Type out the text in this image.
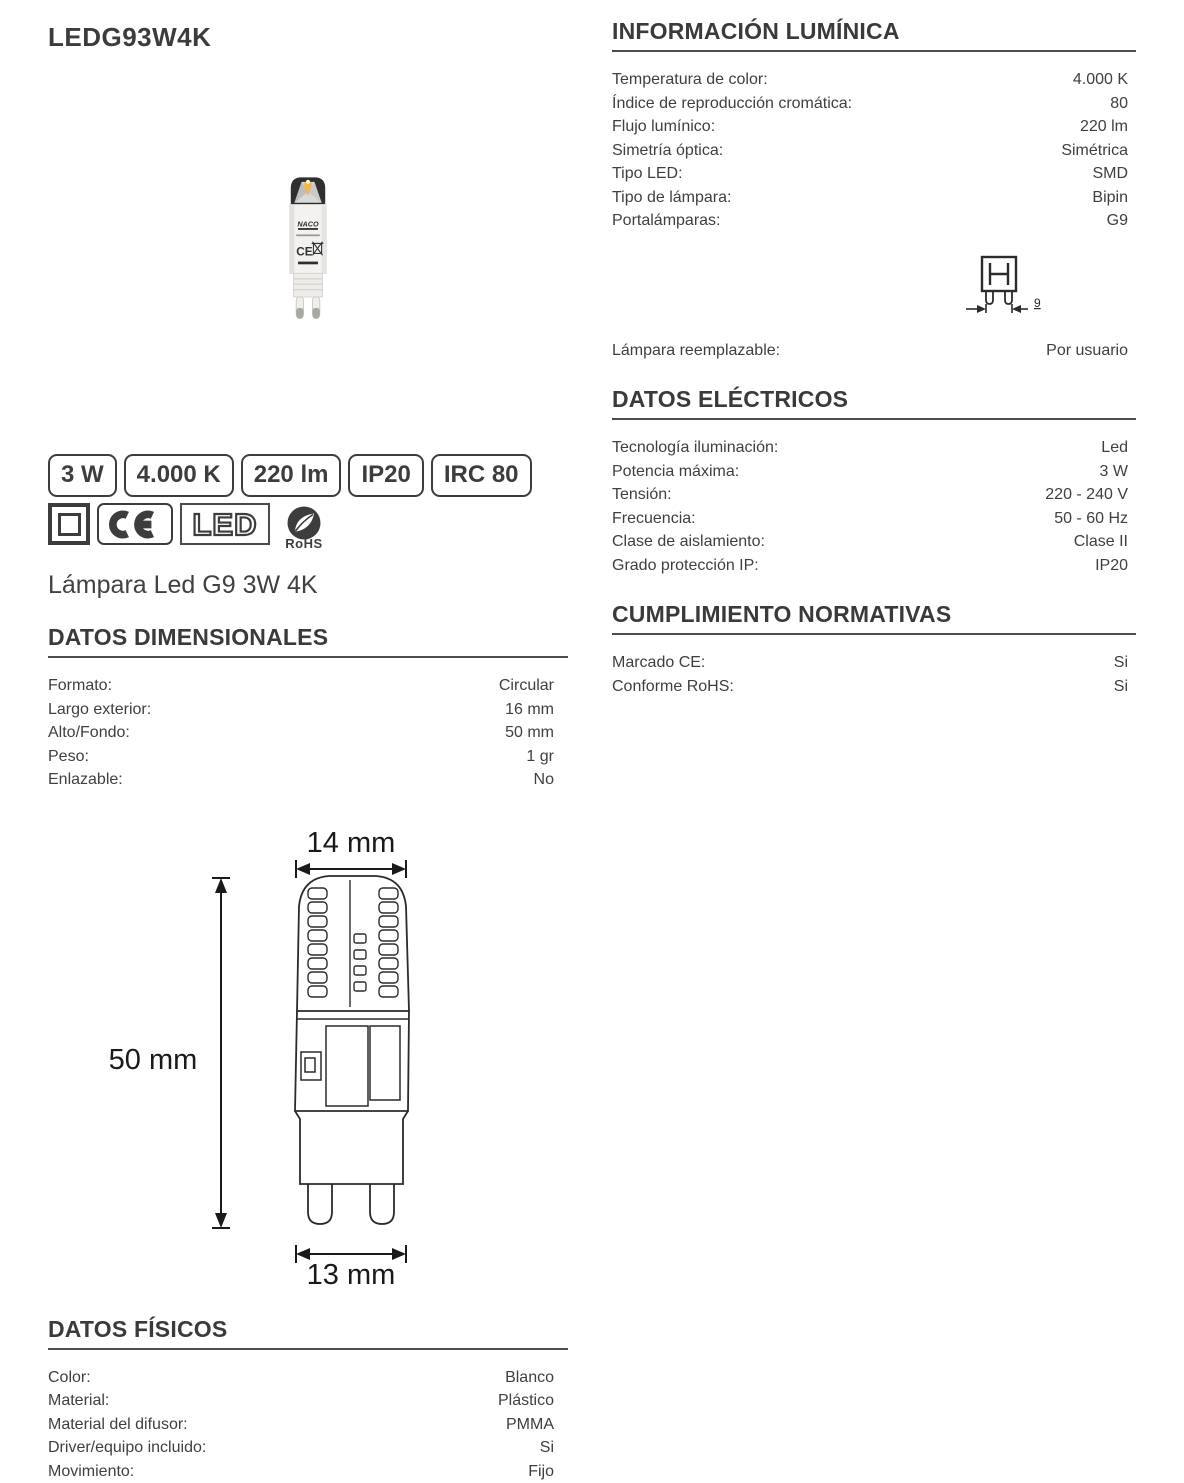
LEDG93W4K
NACO
CE
3 W	4.000 K	220 lm	IP20	IRC 80
LED
RoHS
Lámpara Led G9 3W 4K
DATOS DIMENSIONALES
Formato:	Circular
Largo exterior:	16 mm
Alto/Fondo:	50 mm
Peso:	1 gr
Enlazable:	No
14 mm
50 mm
13 mm
DATOS FÍSICOS
Color:	Blanco
Material:	Plástico
Material del difusor:	PMMA
Driver/equipo incluido:	Si
Movimiento:	Fijo
INFORMACIÓN LUMÍNICA
Temperatura de color:	4.000 K
Índice de reproducción cromática:	80
Flujo lumínico:	220 lm
Simetría óptica:	Simétrica
Tipo LED:	SMD
Tipo de lámpara:	Bipin
Portalámparas:	G9
9
Lámpara reemplazable:	Por usuario
DATOS ELÉCTRICOS
Tecnología iluminación:	Led
Potencia máxima:	3 W
Tensión:	220 - 240 V
Frecuencia:	50 - 60 Hz
Clase de aislamiento:	Clase II
Grado protección IP:	IP20
CUMPLIMIENTO NORMATIVAS
Marcado CE:	Si
Conforme RoHS:	Si
